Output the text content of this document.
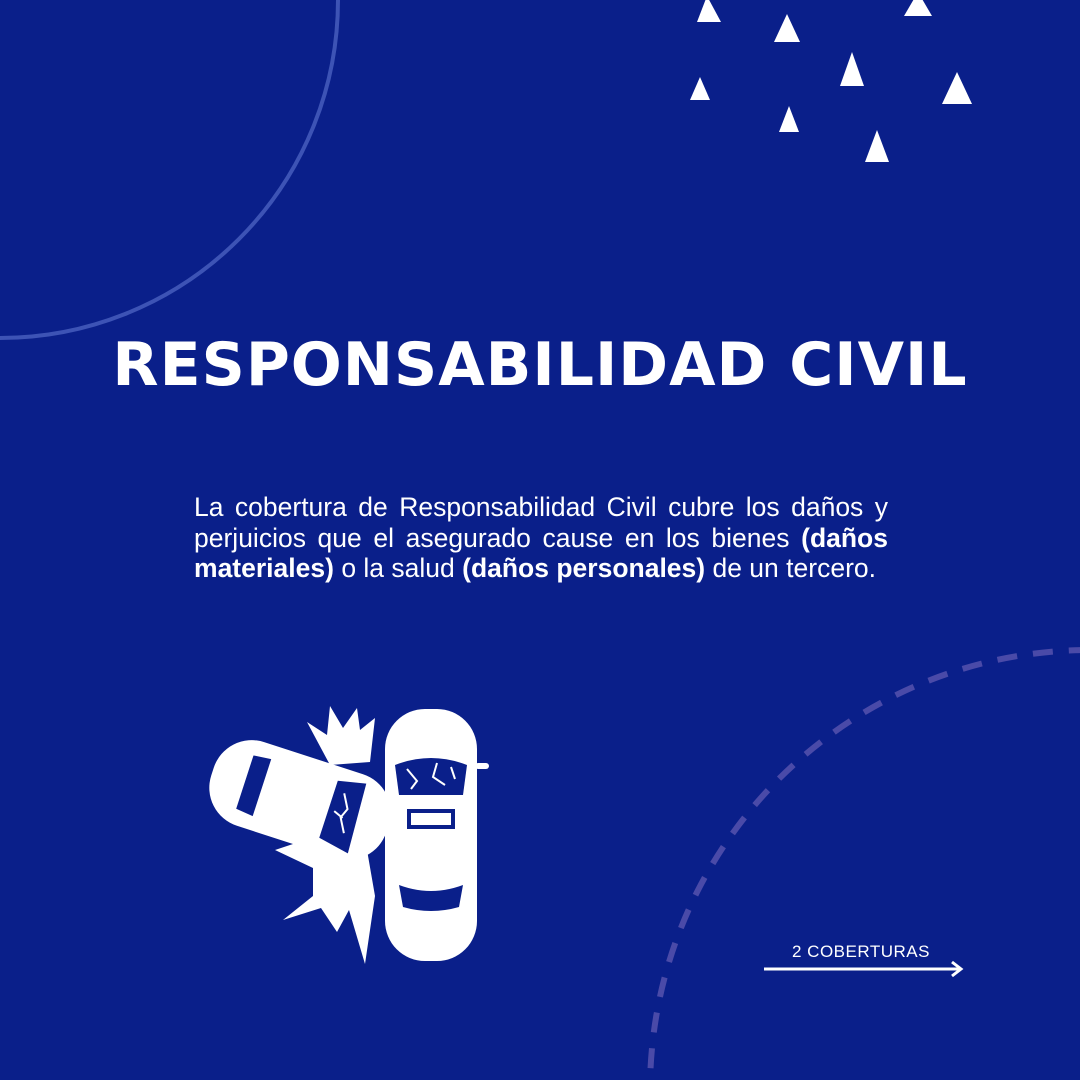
RESPONSABILIDAD CIVIL

La cobertura de Responsabilidad Civil cubre los daños y perjuicios que el asegurado cause en los bienes (daños materiales) o la salud (daños personales) de un tercero.

2 COBERTURAS
